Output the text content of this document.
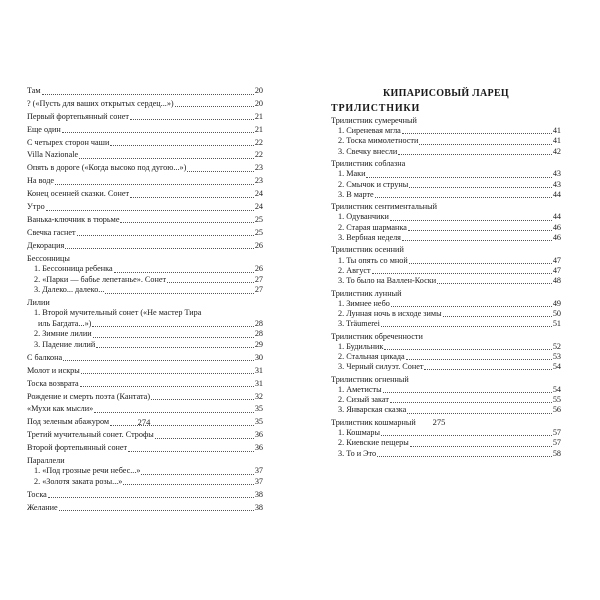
Там	20
? («Пусть для ваших открытых сердец...»)	20
Первый фортепьянный сонет	21
Еще один	21
С четырех сторон чаши	22
Villa Nazionale	22
Опять в дороге («Когда высоко под дугою...»)	23
На воде	23
Конец осенней сказки. Сонет	24
Утро	24
Ванька-ключник в тюрьме	25
Свечка гаснет	25
Декорация	26
Бессонницы
1. Бессонница ребенка	26
2. «Парки — бабье лепетанье». Сонет	27
3. Далеко... далеко...	27
Лилии
1. Второй мучительный сонет («Не мастер Тира
иль Багдата...»)	28
2. Зимние лилии	28
3. Падение лилий	29
С балкона	30
Молот и искры	31
Тоска возврата	31
Рождение и смерть поэта (Кантата)	32
«Мухи как мысли»	35
Под зеленым абажуром	35
Третий мучительный сонет. Строфы	36
Второй фортепьянный сонет	36
Параллели
1. «Под грозные речи небес...»	37
2. «Золотя заката розы...»	37
Тоска	38
Желание	38
274
КИПАРИСОВЫЙ ЛАРЕЦ
ТРИЛИСТНИКИ
Трилистник сумеречный
1. Сиреневая мгла	41
2. Тоска мимолетности	41
3. Свечку внесли	42
Трилистник соблазна
1. Маки	43
2. Смычок и струны	43
3. В марте	44
Трилистник сентиментальный
1. Одуванчики	44
2. Старая шарманка	46
3. Вербная неделя	46
Трилистник осенний
1. Ты опять со мной	47
2. Август	47
3. То было на Валлен-Коски	48
Трилистник лунный
1. Зимнее небо	49
2. Лунная ночь в исходе зимы	50
3. Träumerei	51
Трилистник обреченности
1. Будильник	52
2. Стальная цикада	53
3. Черный силуэт. Сонет	54
Трилистник огненный
1. Аметисты	54
2. Сизый закат	55
3. Январская сказка	56
Трилистник кошмарный
1. Кошмары	57
2. Киевские пещеры	57
3. То и Это	58
275
